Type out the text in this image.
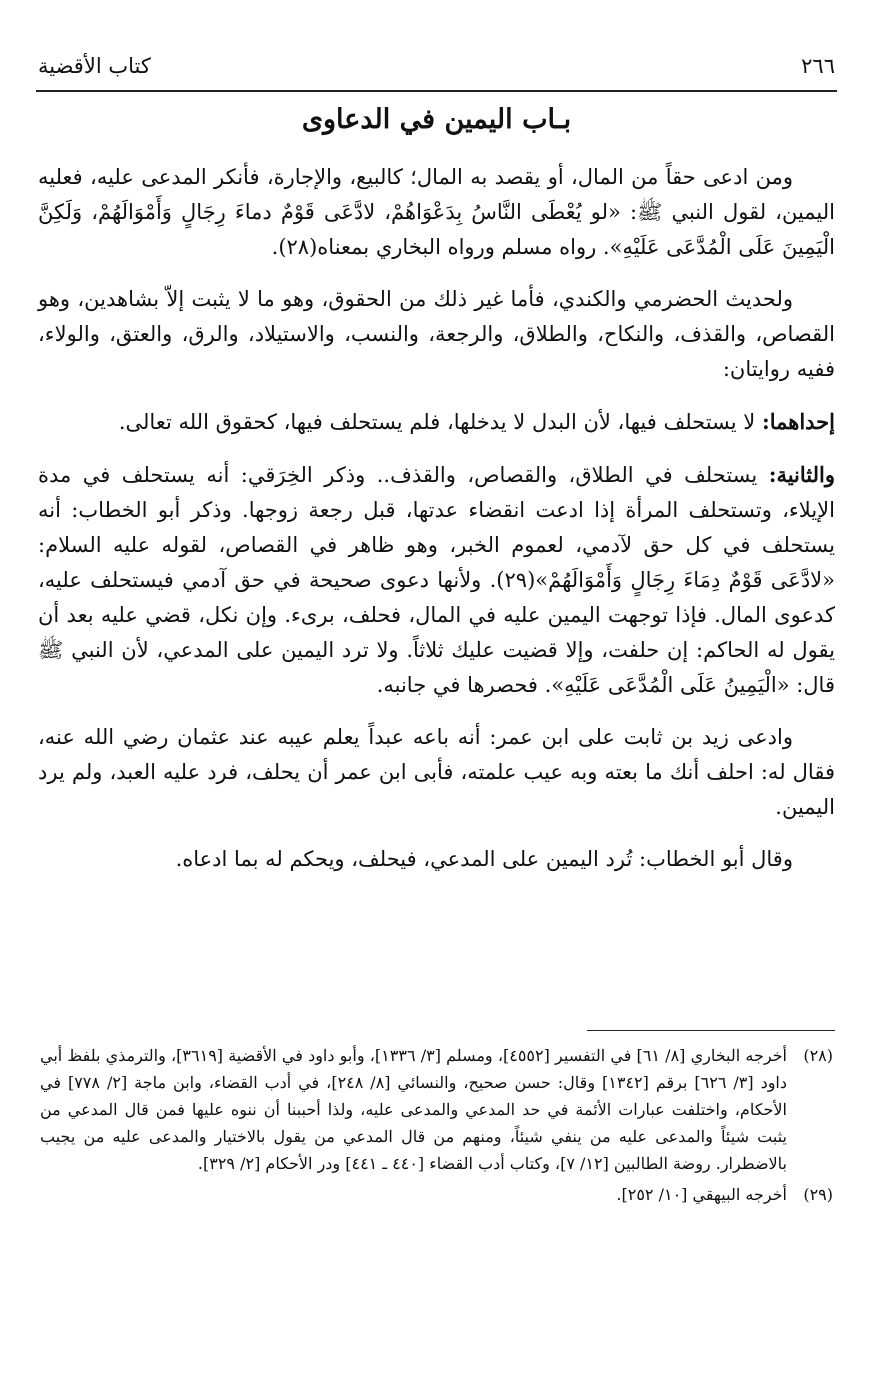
٢٦٦
كتاب الأقضية
بـاب اليمين في الدعاوى

ومن ادعى حقاً من المال، أو يقصد به المال؛ كالبيع، والإجارة، فأنكر المدعى عليه، فعليه اليمين، لقول النبي ﷺ: «لو يُعْطَى النَّاسُ بِدَعْوَاهُمْ، لادَّعَى قَوْمٌ دماءَ رِجَالٍ وَأَمْوَالَهُمْ، وَلَكِنَّ الْيَمِينَ عَلَى الْمُدَّعَى عَلَيْهِ». رواه مسلم ورواه البخاري بمعناه(٢٨).

ولحديث الحضرمي والكندي، فأما غير ذلك من الحقوق، وهو ما لا يثبت إلاّ بشاهدين، وهو القصاص، والقذف، والنكاح، والطلاق، والرجعة، والنسب، والاستيلاد، والرق، والعتق، والولاء، ففيه روايتان:

إحداهما: لا يستحلف فيها، لأن البدل لا يدخلها، فلم يستحلف فيها، كحقوق الله تعالى.

والثانية: يستحلف في الطلاق، والقصاص، والقذف.. وذكر الخِرَقي: أنه يستحلف في مدة الإيلاء، وتستحلف المرأة إذا ادعت انقضاء عدتها، قبل رجعة زوجها. وذكر أبو الخطاب: أنه يستحلف في كل حق لآدمي، لعموم الخبر، وهو ظاهر في القصاص، لقوله عليه السلام: «لادَّعَى قَوْمٌ دِمَاءَ رِجَالٍ وَأَمْوَالَهُمْ»(٢٩). ولأنها دعوى صحيحة في حق آدمي فيستحلف عليه، كدعوى المال. فإذا توجهت اليمين عليه في المال، فحلف، برىء. وإن نكل، قضي عليه بعد أن يقول له الحاكم: إن حلفت، وإلا قضيت عليك ثلاثاً. ولا ترد اليمين على المدعي، لأن النبي ﷺ قال: «الْيَمِينُ عَلَى الْمُدَّعَى عَلَيْهِ». فحصرها في جانبه.

وادعى زيد بن ثابت على ابن عمر: أنه باعه عبداً يعلم عيبه عند عثمان رضي الله عنه، فقال له: احلف أنك ما بعته وبه عيب علمته، فأبى ابن عمر أن يحلف، فرد عليه العبد، ولم يرد اليمين.

وقال أبو الخطاب: تُرد اليمين على المدعي، فيحلف، ويحكم له بما ادعاه.

(٢٨)
أخرجه البخاري [٨/ ٦١] في التفسير [٤٥٥٢]، ومسلم [٣/ ١٣٣٦]، وأبو داود في الأقضية [٣٦١٩]، والترمذي بلفظ أبي داود [٣/ ٦٢٦] برقم [١٣٤٢] وقال: حسن صحيح، والنسائي [٨/ ٢٤٨]، في أدب القضاء، وابن ماجة [٢/ ٧٧٨] في الأحكام، واختلفت عبارات الأئمة في حد المدعي والمدعى عليه، ولذا أحببنا أن ننوه عليها فمن قال المدعي من يثبت شيئاً والمدعى عليه من ينفي شيئاً، ومنهم من قال المدعي من يقول بالاختيار والمدعى عليه من يجيب بالاضطرار. روضة الطالبين [١٢/ ٧]، وكتاب أدب القضاء [٤٤٠ ـ ٤٤١] ودر الأحكام [٢/ ٣٢٩].
(٢٩)
أخرجه البيهقي [١٠/ ٢٥٢].
